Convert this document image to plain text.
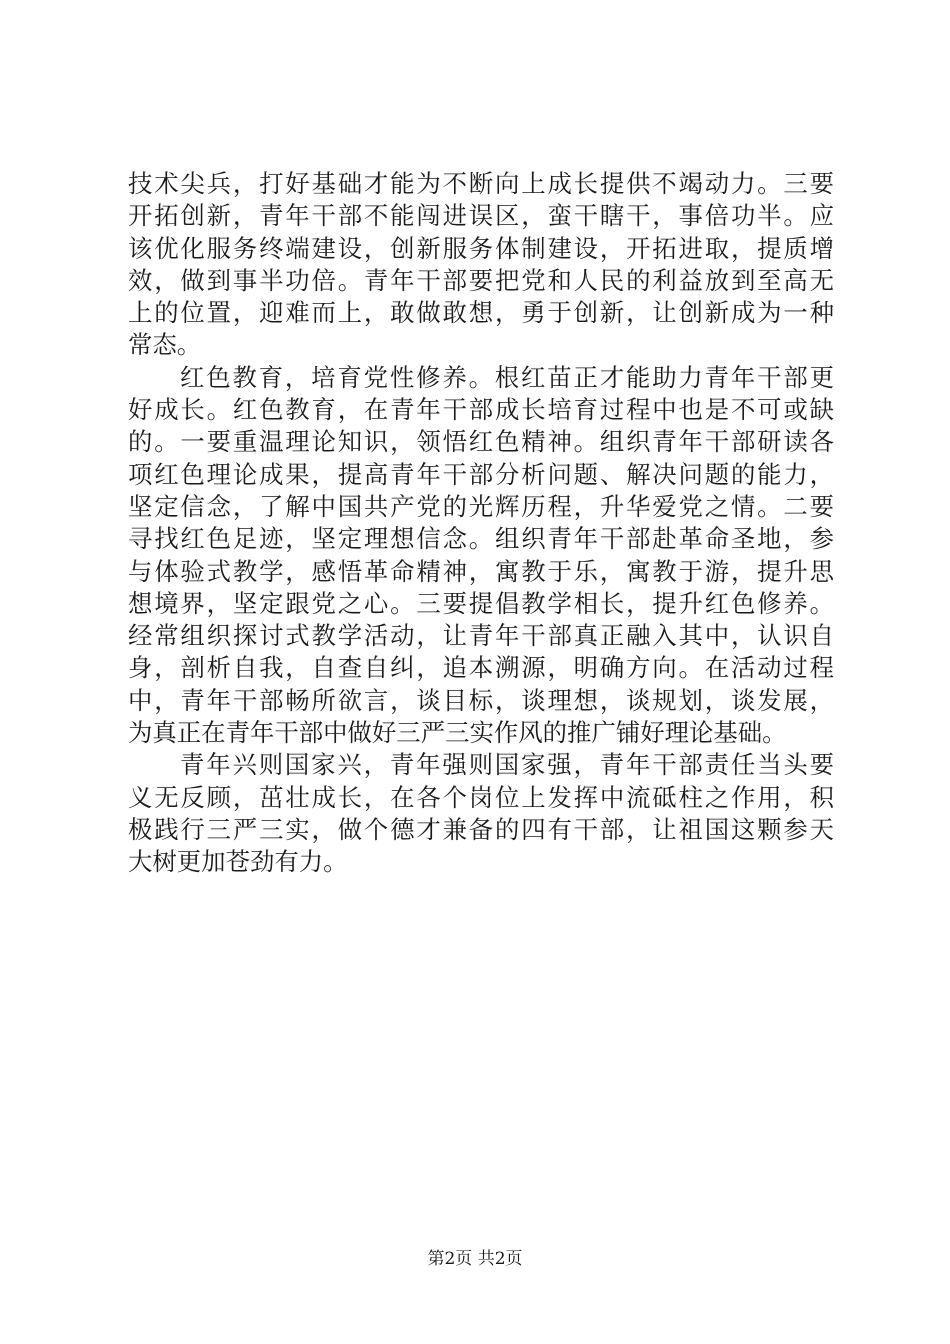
技术尖兵，打好基础才能为不断向上成长提供不竭动力。三要
开拓创新，青年干部不能闯进误区，蛮干瞎干，事倍功半。应
该优化服务终端建设，创新服务体制建设，开拓进取，提质增
效，做到事半功倍。青年干部要把党和人民的利益放到至高无
上的位置，迎难而上，敢做敢想，勇于创新，让创新成为一种
常态。
红色教育，培育党性修养。根红苗正才能助力青年干部更
好成长。红色教育，在青年干部成长培育过程中也是不可或缺
的。一要重温理论知识，领悟红色精神。组织青年干部研读各
项红色理论成果，提高青年干部分析问题、解决问题的能力，
坚定信念，了解中国共产党的光辉历程，升华爱党之情。二要
寻找红色足迹，坚定理想信念。组织青年干部赴革命圣地，参
与体验式教学，感悟革命精神，寓教于乐，寓教于游，提升思
想境界，坚定跟党之心。三要提倡教学相长，提升红色修养。
经常组织探讨式教学活动，让青年干部真正融入其中，认识自
身，剖析自我，自查自纠，追本溯源，明确方向。在活动过程
中，青年干部畅所欲言，谈目标，谈理想，谈规划，谈发展，
为真正在青年干部中做好三严三实作风的推广铺好理论基础。
青年兴则国家兴，青年强则国家强，青年干部责任当头要
义无反顾，茁壮成长，在各个岗位上发挥中流砥柱之作用，积
极践行三严三实，做个德才兼备的四有干部，让祖国这颗参天
大树更加苍劲有力。
第2页 共2页
